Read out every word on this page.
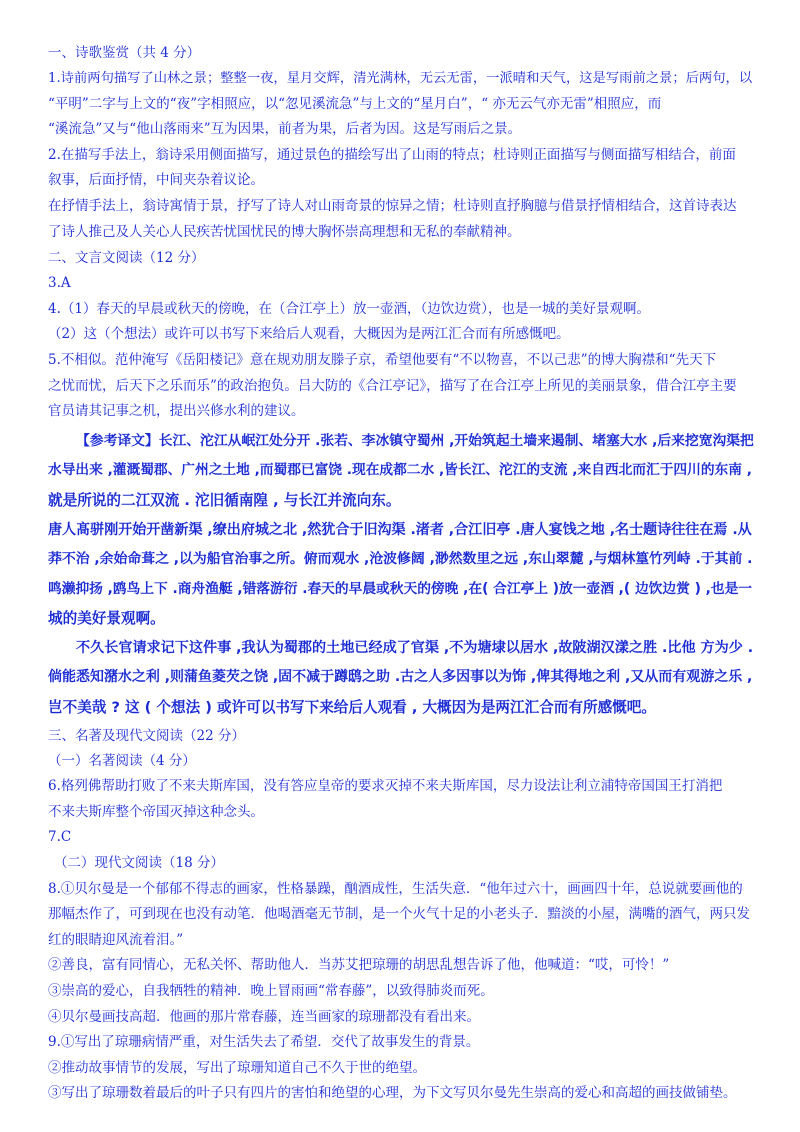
一、诗歌鉴赏（共 4 分）

1.诗前两句描写了山林之景；整整一夜，星月交辉，清光满林，无云无雷，一派晴和天气，这是写雨前之景；后两句，以

“平明”二字与上文的“夜”字相照应，以“忽见溪流急”与上文的“星月白”，“ 亦无云气亦无雷”相照应，而

“溪流急”又与“他山落雨来”互为因果，前者为果，后者为因。这是写雨后之景。

2.在描写手法上，翁诗采用侧面描写，通过景色的描绘写出了山雨的特点；杜诗则正面描写与侧面描写相结合，前面

叙事，后面抒情，中间夹杂着议论。

在抒情手法上，翁诗寓情于景，抒写了诗人对山雨奇景的惊异之情；杜诗则直抒胸臆与借景抒情相结合，这首诗表达

了诗人推己及人关心人民疾苦忧国忧民的博大胸怀崇高理想和无私的奉献精神。

二、文言文阅读（12 分）

3.A

4.（1）春天的早晨或秋天的傍晚，在（合江亭上）放一壶酒，（边饮边赏），也是一城的美好景观啊。

（2）这（个想法）或许可以书写下来给后人观看，大概因为是两江汇合而有所感慨吧。

5.不相似。范仲淹写《岳阳楼记》意在规劝朋友滕子京，希望他要有“不以物喜，不以己悲”的博大胸襟和“先天下

之忧而忧，后天下之乐而乐”的政治抱负。吕大防的《合江亭记》，描写了在合江亭上所见的美丽景象，借合江亭主要

官员请其记事之机，提出兴修水利的建议。

【参考译文】长江、沱江从岷江处分开 .张若、李冰镇守蜀州 ,开始筑起土墙来遏制、堵塞大水 ,后来挖宽沟渠把

水导出来 ,灌溉蜀郡、广州之土地 ,而蜀郡已富饶 .现在成都二水 ,皆长江、沱江的支流 ,来自西北而汇于四川的东南 ,

就是所说的二江双流 . 沱旧循南隍 , 与长江并流向东。

唐人髙骈刚开始开凿新渠 ,缭出府城之北 ,然犹合于旧沟渠 .渚者 ,合江旧亭 .唐人宴饯之地 ,名士题诗往往在焉 .从

莽不治 ,余始命葺之 ,以为船官治事之所。俯而观水 ,沧波修阔 ,渺然数里之远 ,东山翠麓 ,与烟林篁竹列峙 .于其前 .

鸣濑抑扬 ,鸥鸟上下 .商舟渔艇 ,错落游衍 .春天的早晨或秋天的傍晚 ,在( 合江亭上 )放一壶酒 ,( 边饮边赏 ) ,也是一

城的美好景观啊。

不久长官请求记下这件事 ,我认为蜀郡的土地已经成了官渠 ,不为塘埭以居水 ,故陂湖汉漾之胜 .比他 方为少 .

倘能悉知潴水之利 ,则蒲鱼菱芡之饶 ,固不减于蹲鸱之助 .古之人多因事以为饰 ,俾其得地之利 ,又从而有观游之乐 ,

岂不美哉 ? 这 ( 个想法 ) 或许可以书写下来给后人观看 , 大概因为是两江汇合而有所感慨吧。

三、名著及现代文阅读（22 分）

（一）名著阅读（4 分）

6.格列佛帮助打败了不来夫斯库国，没有答应皇帝的要求灭掉不来夫斯库国，尽力设法让利立浦特帝国国王打消把

不来夫斯库整个帝国灭掉这种念头。

7.C

（二）现代文阅读（18 分）

8.①贝尔曼是一个郁郁不得志的画家，性格暴躁，酗酒成性，生活失意．“他年过六十，画画四十年，总说就要画他的

那幅杰作了，可到现在也没有动笔．他喝酒毫无节制，是一个火气十足的小老头子．黯淡的小屋，满嘴的酒气，两只发

红的眼睛迎风流着泪。”

②善良，富有同情心，无私关怀、帮助他人．当苏艾把琼珊的胡思乱想告诉了他，他喊道：“哎，可怜！”

③崇高的爱心，自我牺牲的精神．晚上冒雨画“常春藤”，以致得肺炎而死。

④贝尔曼画技高超．他画的那片常春藤，连当画家的琼珊都没有看出来。

9.①写出了琼珊病情严重，对生活失去了希望．交代了故事发生的背景。

②推动故事情节的发展，写出了琼珊知道自己不久于世的绝望。

③写出了琼珊数着最后的叶子只有四片的害怕和绝望的心理，为下文写贝尔曼先生崇高的爱心和高超的画技做铺垫。
